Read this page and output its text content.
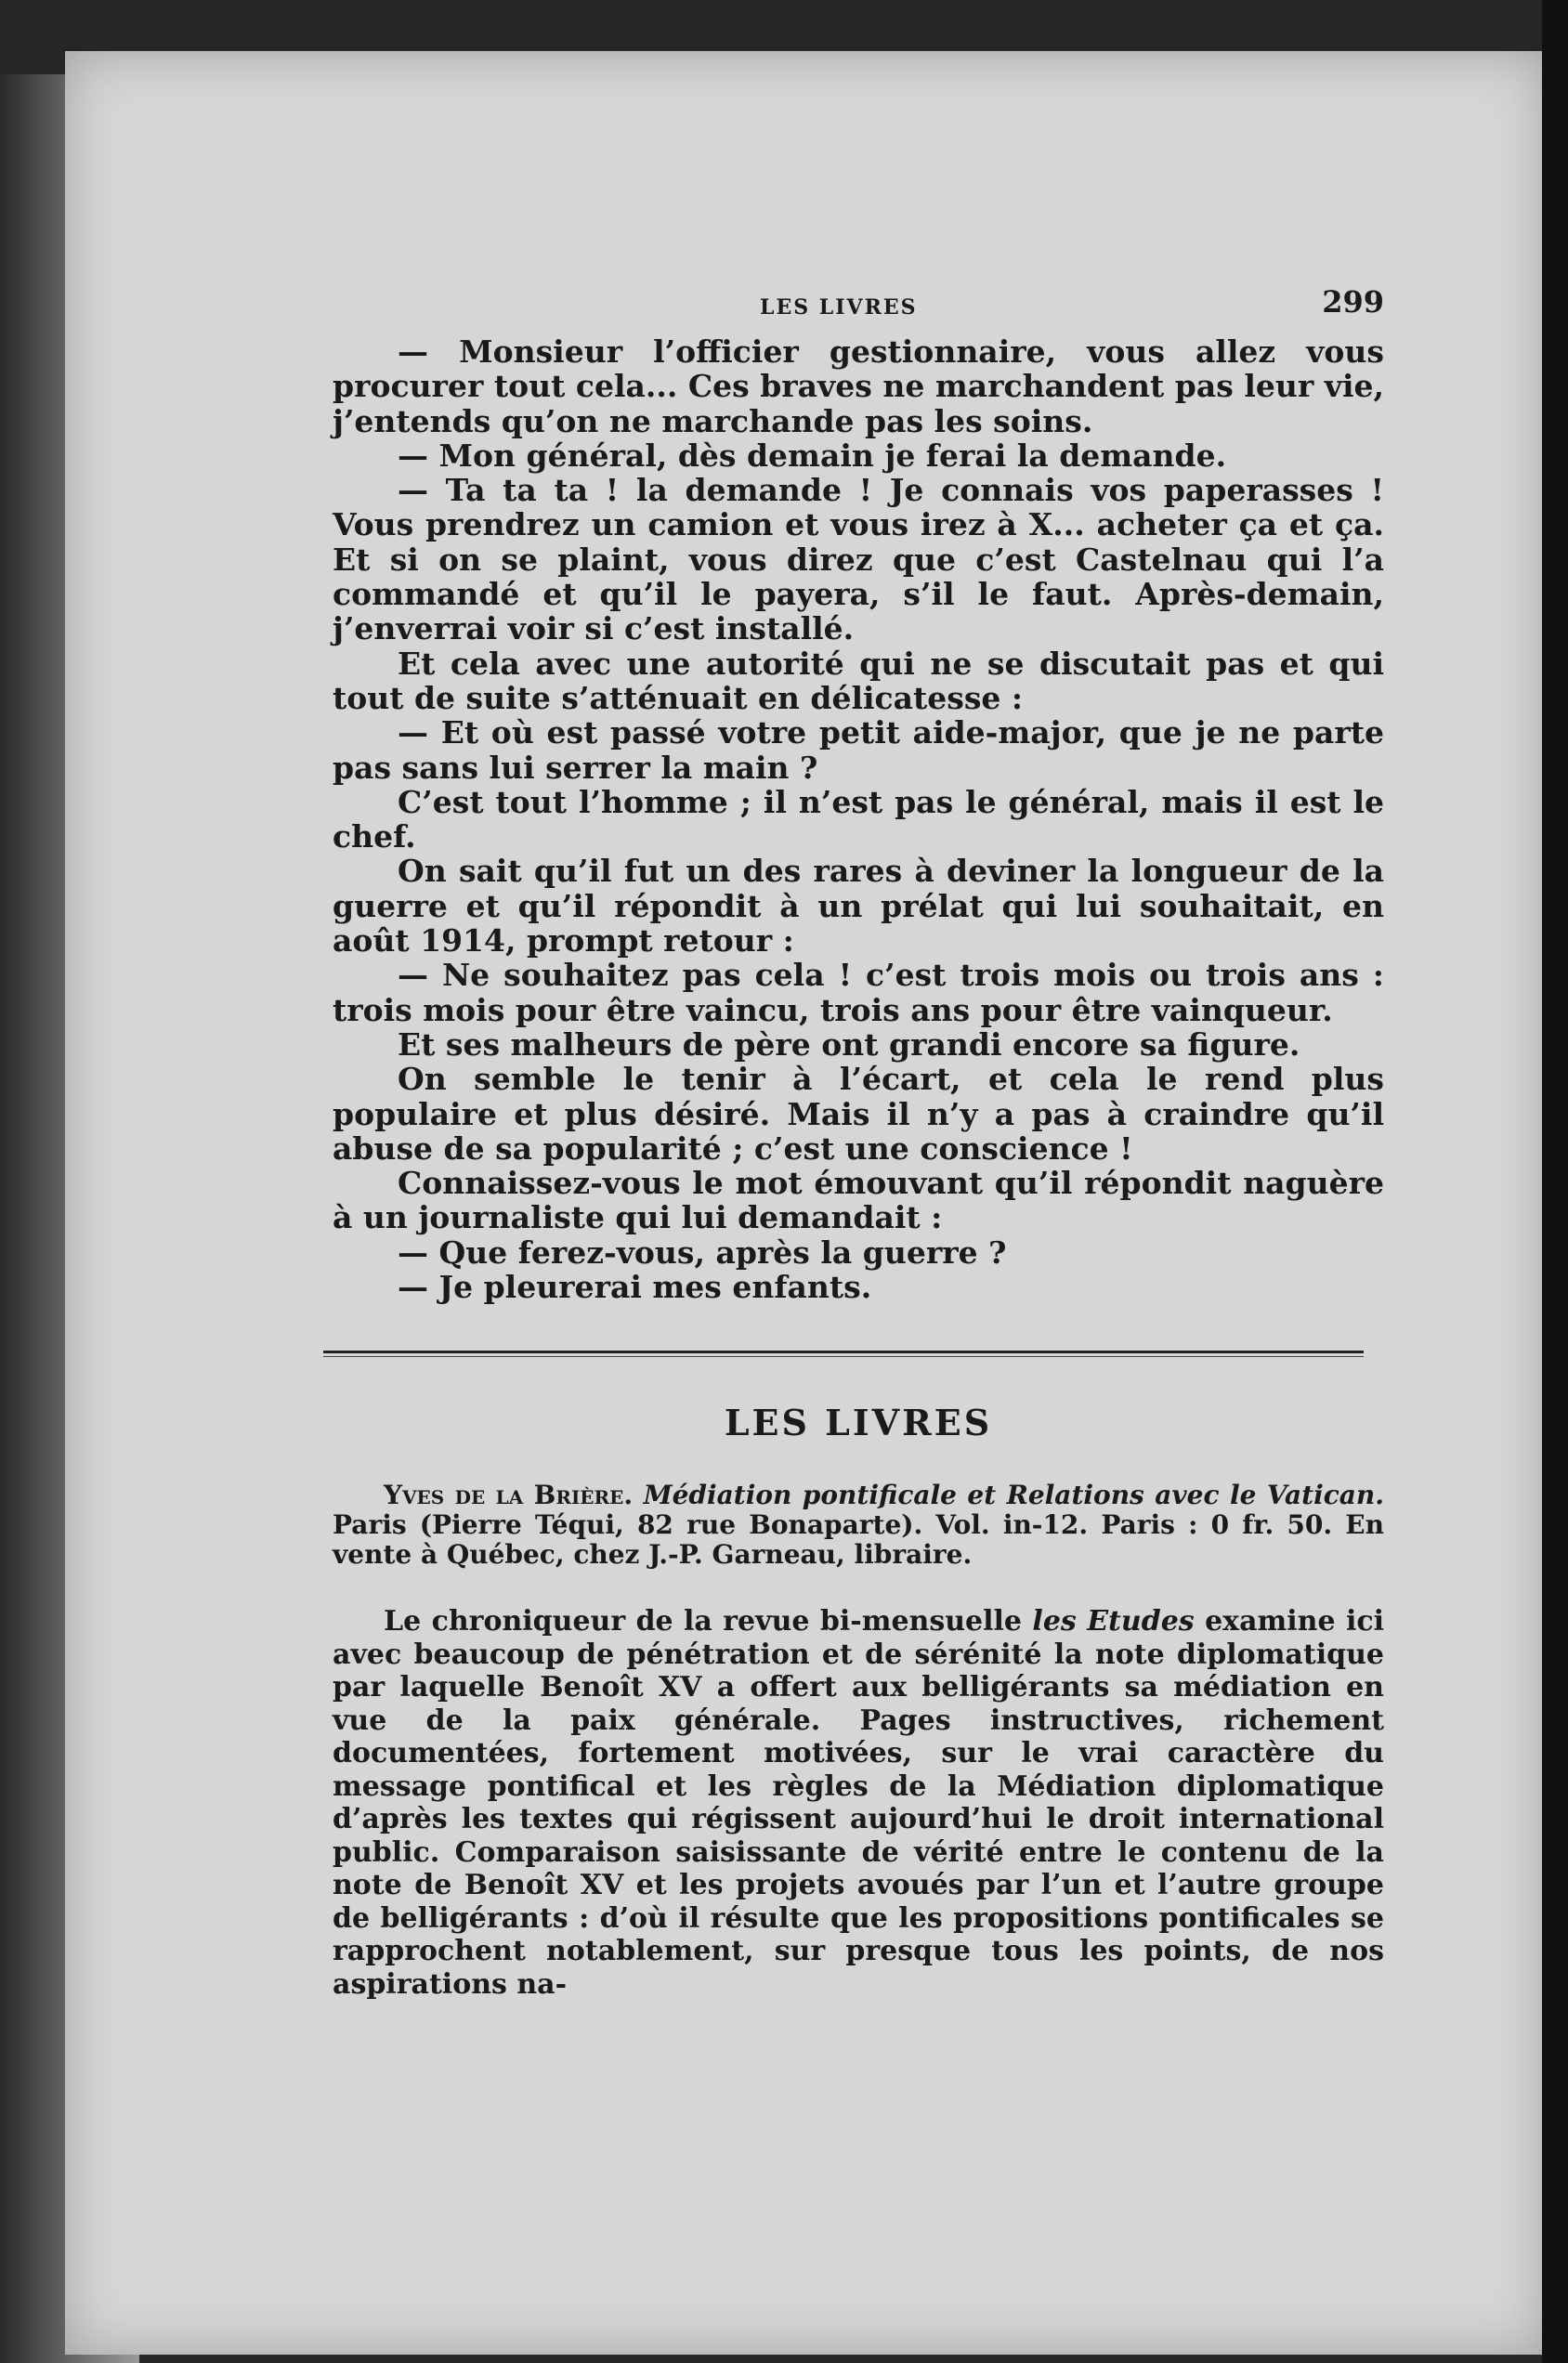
LES LIVRES	299

— Monsieur l’officier gestionnaire, vous allez vous procurer tout cela... Ces braves ne marchandent pas leur vie, j’entends qu’on ne marchande pas les soins.

— Mon général, dès demain je ferai la demande.

— Ta ta ta ! la demande ! Je connais vos paperasses ! Vous prendrez un camion et vous irez à X... acheter ça et ça. Et si on se plaint, vous direz que c’est Castelnau qui l’a commandé et qu’il le payera, s’il le faut. Après-demain, j’enverrai voir si c’est installé.

Et cela avec une autorité qui ne se discutait pas et qui tout de suite s’atténuait en délicatesse :

— Et où est passé votre petit aide-major, que je ne parte pas sans lui serrer la main ?

C’est tout l’homme ; il n’est pas le général, mais il est le chef.

On sait qu’il fut un des rares à deviner la longueur de la guerre et qu’il répondit à un prélat qui lui souhaitait, en août 1914, prompt retour :

— Ne souhaitez pas cela ! c’est trois mois ou trois ans : trois mois pour être vaincu, trois ans pour être vainqueur.

Et ses malheurs de père ont grandi encore sa figure.

On semble le tenir à l’écart, et cela le rend plus populaire et plus désiré. Mais il n’y a pas à craindre qu’il abuse de sa popularité ; c’est une conscience !

Connaissez-vous le mot émouvant qu’il répondit naguère à un journaliste qui lui demandait :

— Que ferez-vous, après la guerre ?

— Je pleurerai mes enfants.

LES LIVRES

Yves de la Brière. Médiation pontificale et Relations avec le Vatican. Paris (Pierre Téqui, 82 rue Bonaparte). Vol. in-12. Paris : 0 fr. 50. En vente à Québec, chez J.-P. Garneau, libraire.

Le chroniqueur de la revue bi-mensuelle les Etudes examine ici avec beaucoup de pénétration et de sérénité la note diplomatique par laquelle Benoît XV a offert aux belligérants sa médiation en vue de la paix générale. Pages instructives, richement documentées, fortement motivées, sur le vrai caractère du message pontifical et les règles de la Médiation diplomatique d’après les textes qui régissent aujourd’hui le droit international public. Comparaison saisissante de vérité entre le contenu de la note de Benoît XV et les projets avoués par l’un et l’autre groupe de belligérants : d’où il résulte que les propositions pontificales se rapprochent notablement, sur presque tous les points, de nos aspirations na-
